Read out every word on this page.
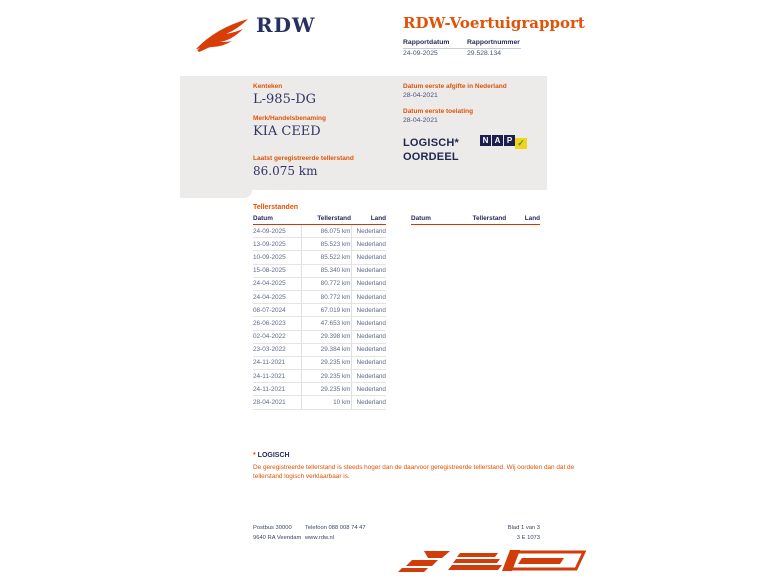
RDW	RDW-Voertuigrapport
Rapportdatum	Rapportnummer
24-09-2025	29.528.134
Kenteken
L-985-DG
Merk/Handelsbenaming
KIA CEED
Laatst geregistreerde tellerstand
86.075 km
Datum eerste afgifte in Nederland
28-04-2021
Datum eerste toelating
28-04-2021
LOGISCH*
OORDEEL
N A P ✓
Tellerstanden
Datum	Tellerstand	Land
24-09-2025	86.075 km	Nederland
13-09-2025	85.523 km	Nederland
10-09-2025	85.522 km	Nederland
15-08-2025	85.340 km	Nederland
24-04-2025	80.772 km	Nederland
24-04-2025	80.772 km	Nederland
08-07-2024	67.019 km	Nederland
26-06-2023	47.653 km	Nederland
02-04-2022	29.398 km	Nederland
23-03-2022	29.384 km	Nederland
24-11-2021	29.235 km	Nederland
24-11-2021	29.235 km	Nederland
24-11-2021	29.235 km	Nederland
28-04-2021	10 km	Nederland
Datum	Tellerstand	Land
* LOGISCH
De geregistreerde tellerstand is steeds hoger dan de daarvoor geregistreerde tellerstand. Wij oordelen dan dat de tellerstand logisch verklaarbaar is.
Postbus 30000
9640 RA Veendam
Telefoon 088 008 74 47
www.rdw.nl
Blad 1 van 3
3 E 1073
